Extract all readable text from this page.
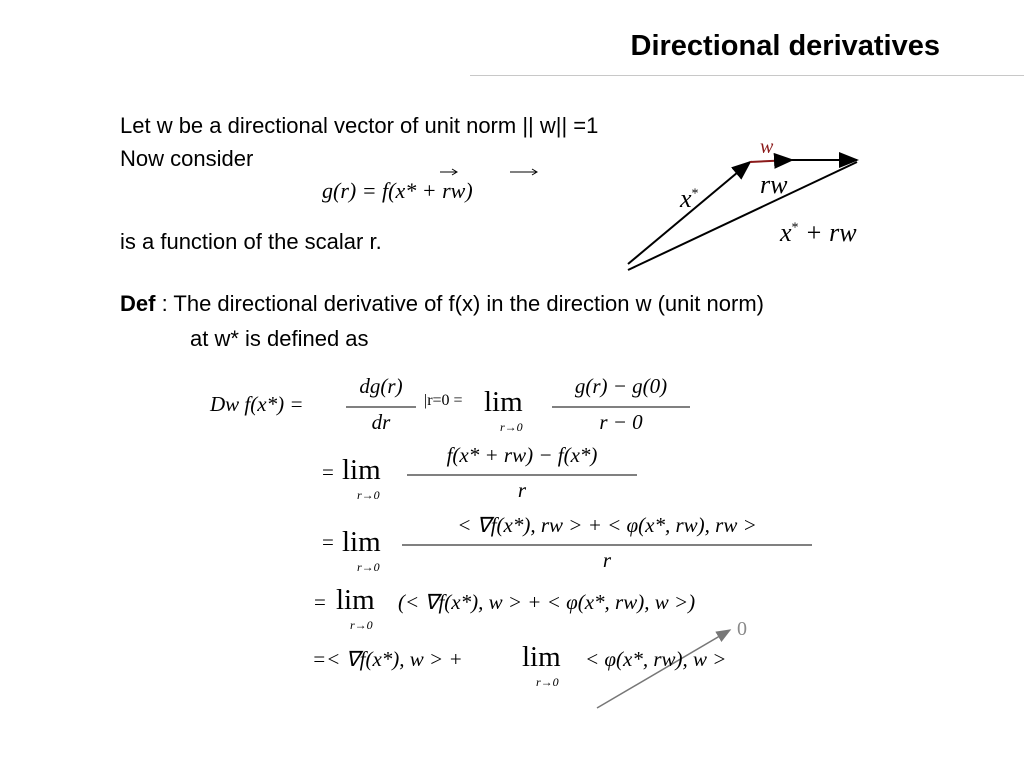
Directional derivatives
Let w be a directional vector of unit norm || w|| =1
Now consider
g(r) = f(x* + rw)
is a function of the scalar r.
Def : The directional derivative of f(x) in the direction w (unit norm)
at w* is defined as
w
rw
x*
x* + rw
Dw f(x*) =
dg(r)
dr
|r=0 = lim
r→0
g(r) − g(0)
r − 0
= lim
r→0
f(x* + rw) − f(x*)
r
= lim
r→0
< ∇f(x*), rw > + < φ(x*, rw), rw >
r
= lim
r→0
(< ∇f(x*), w > + < φ(x*, rw), w >)
0
=< ∇f(x*), w > + lim
r→0
< φ(x*, rw), w >
